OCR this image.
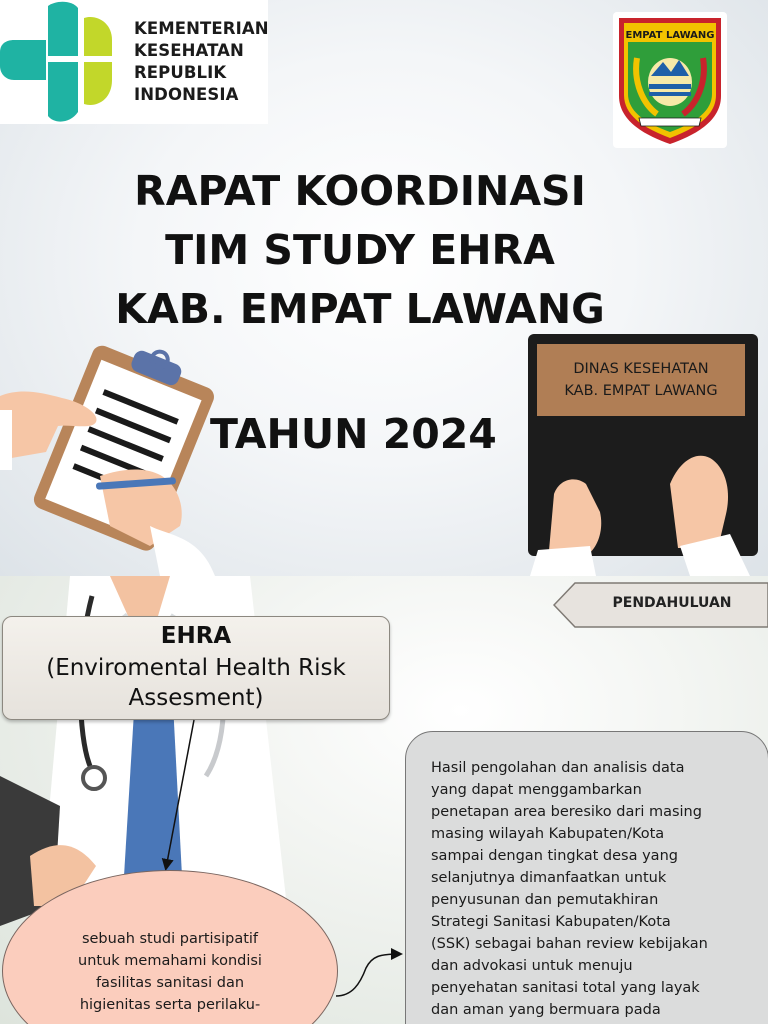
KEMENTERIAN
KESEHATAN
REPUBLIK
INDONESIA
EMPAT LAWANG
RAPAT KOORDINASI
TIM STUDY EHRA
KAB. EMPAT LAWANG
TAHUN 2024
DINAS KESEHATAN
KAB. EMPAT LAWANG
PENDAHULUAN
EHRA
(Enviromental Health Risk
Assesment)
sebuah studi partisipatif
untuk memahami kondisi
fasilitas sanitasi dan
higienitas serta perilaku-
Hasil pengolahan dan analisis data
yang dapat menggambarkan
penetapan area beresiko dari masing
masing wilayah Kabupaten/Kota
sampai dengan tingkat desa yang
selanjutnya dimanfaatkan untuk
penyusunan dan pemutakhiran
Strategi Sanitasi Kabupaten/Kota
(SSK) sebagai bahan review kebijakan
dan advokasi untuk menuju
penyehatan sanitasi total yang layak
dan aman yang bermuara pada
